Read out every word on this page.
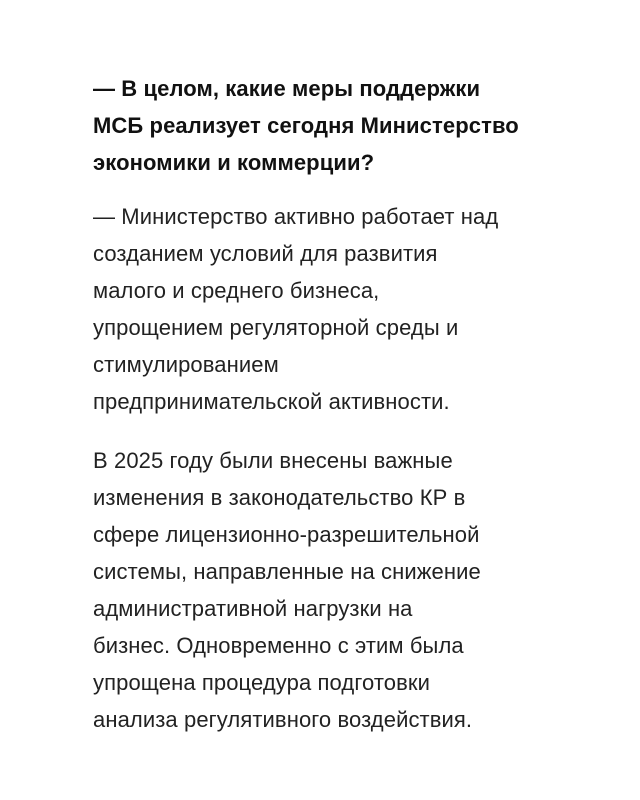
— В целом, какие меры поддержки
МСБ реализует сегодня Министерство
экономики и коммерции?
— Министерство активно работает над
созданием условий для развития
малого и среднего бизнеса,
упрощением регуляторной среды и
стимулированием
предпринимательской активности.
В 2025 году были внесены важные
изменения в законодательство КР в
сфере лицензионно-разрешительной
системы, направленные на снижение
административной нагрузки на
бизнес. Одновременно с этим была
упрощена процедура подготовки
анализа регулятивного воздействия.
